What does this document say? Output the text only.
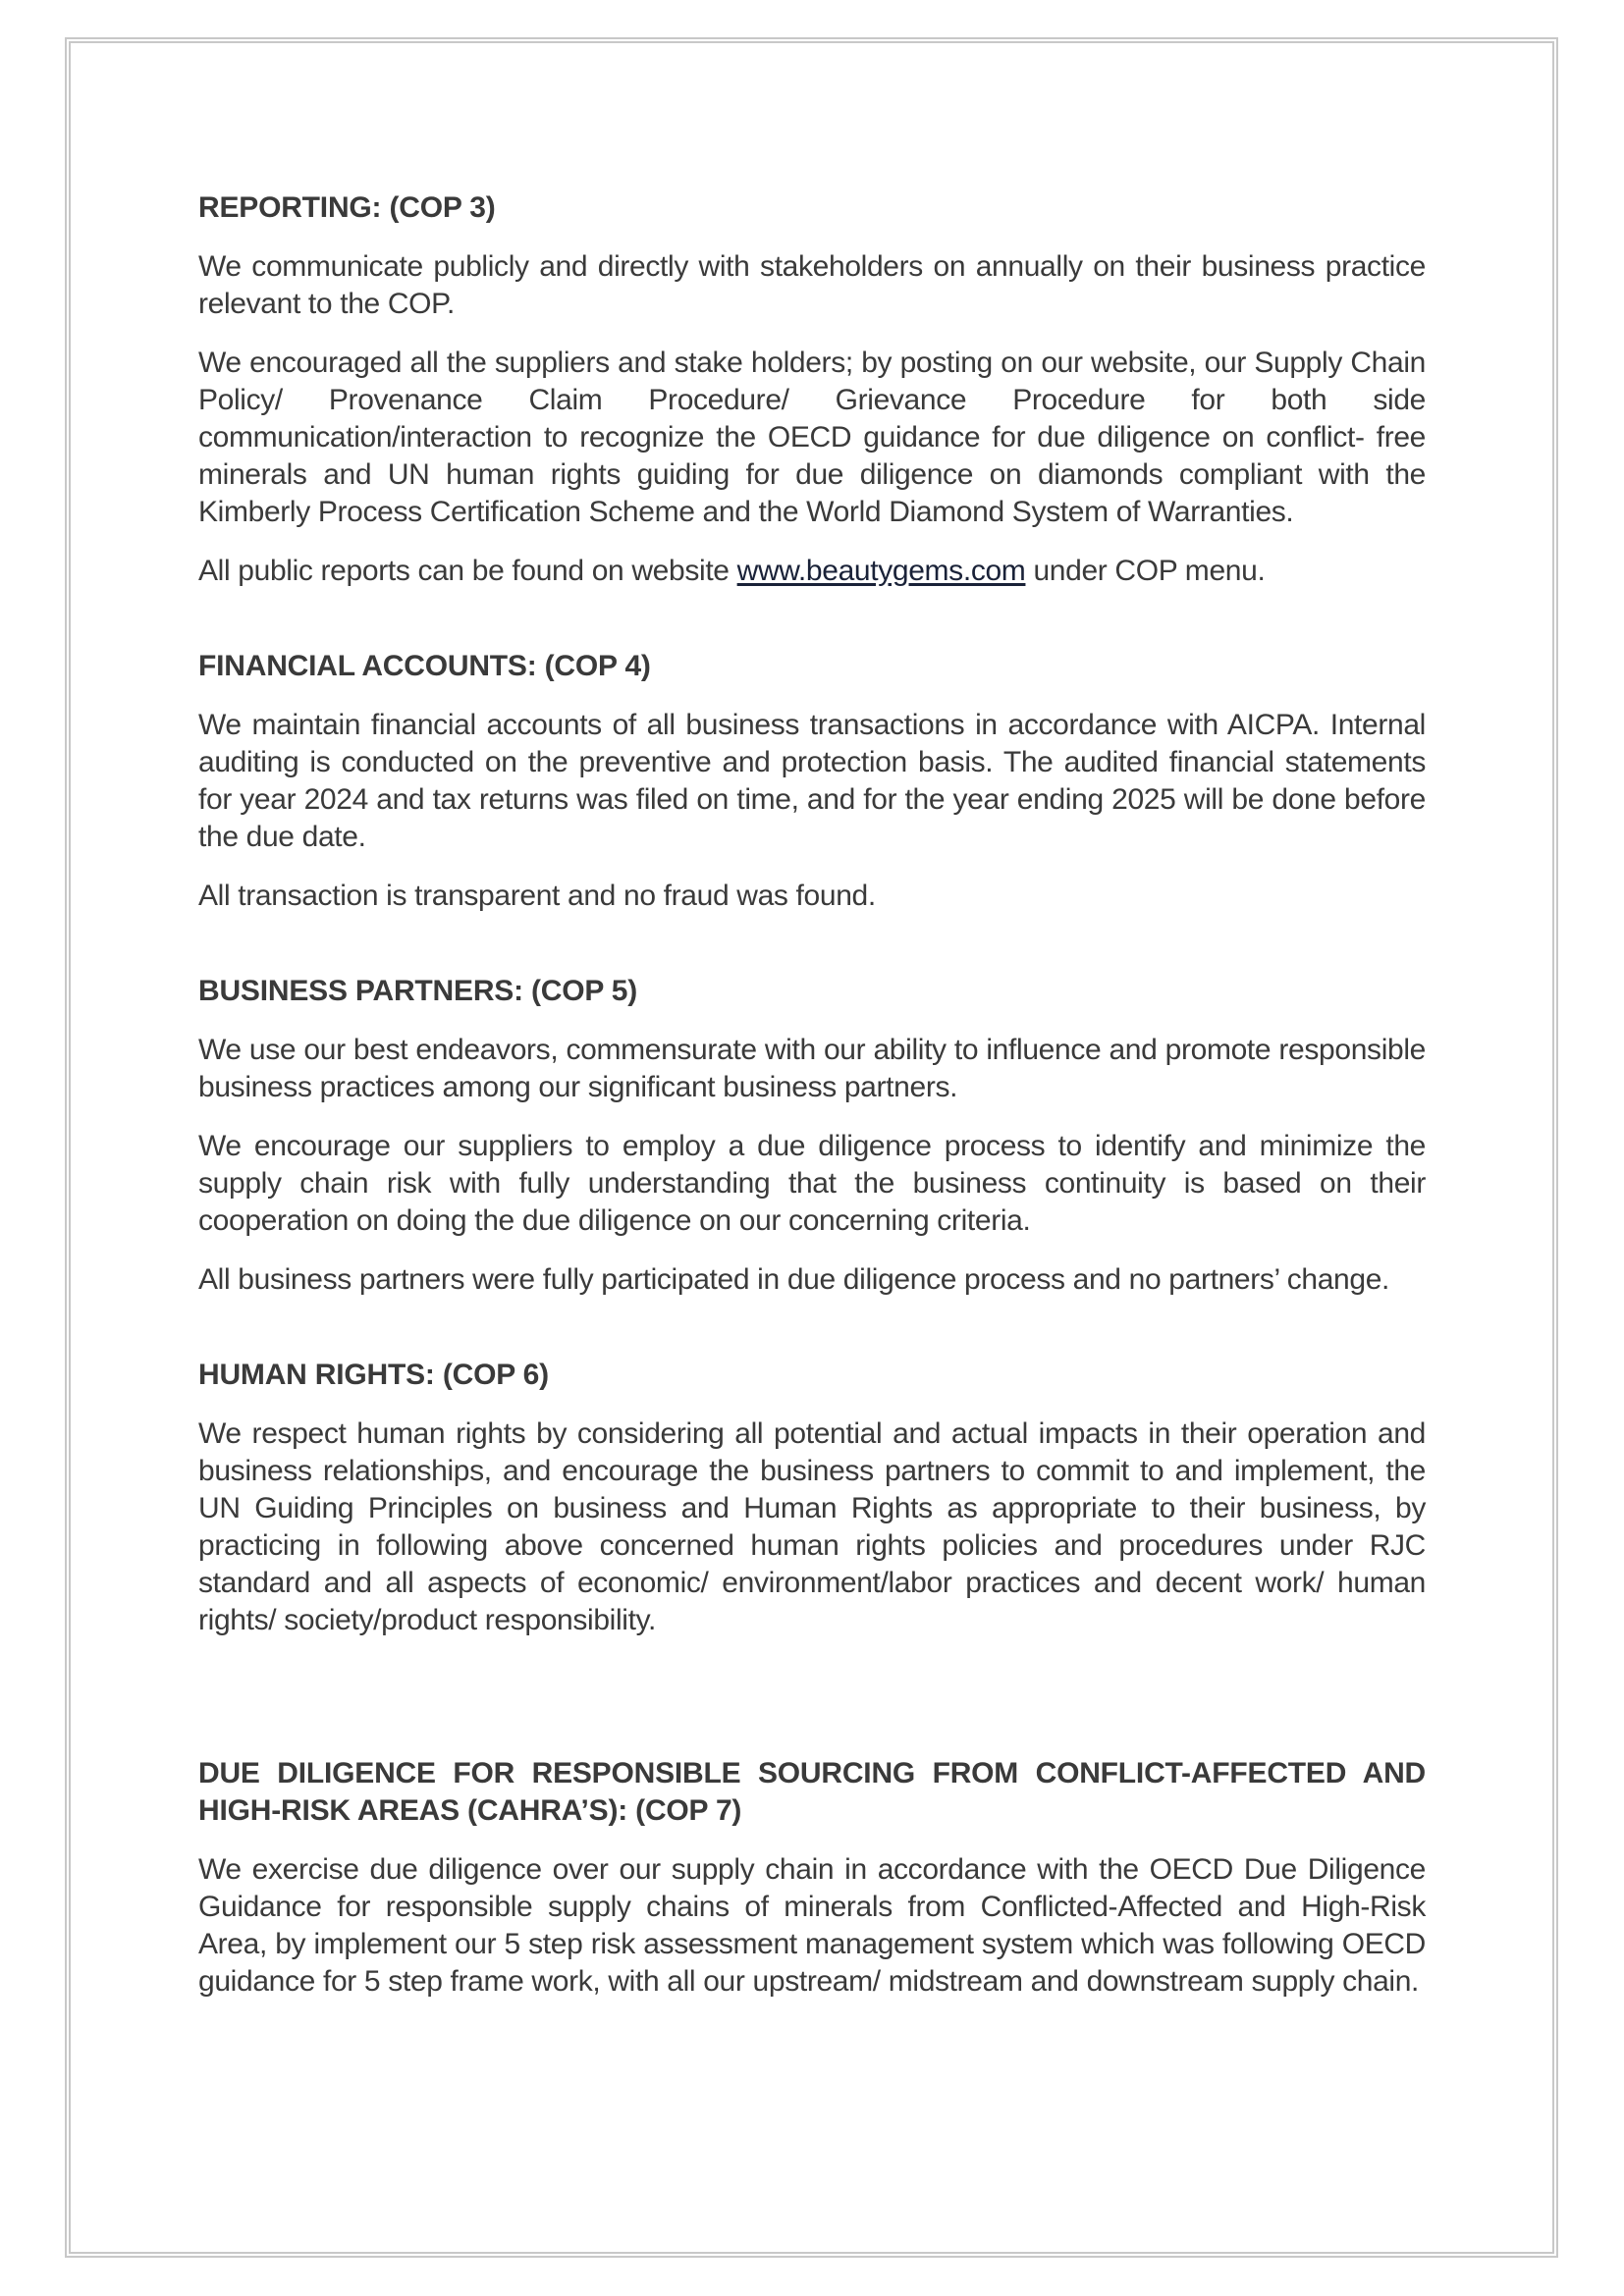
REPORTING: (COP 3)

We communicate publicly and directly with stakeholders on annually on their business practice relevant to the COP.

We encouraged all the suppliers and stake holders; by posting on our website, our Supply Chain Policy/ Provenance Claim Procedure/ Grievance Procedure for both side communication/interaction to recognize the OECD guidance for due diligence on conflict- free minerals and UN human rights guiding for due diligence on diamonds compliant with the Kimberly Process Certification Scheme and the World Diamond System of Warranties.

All public reports can be found on website www.beautygems.com under COP menu.

FINANCIAL ACCOUNTS: (COP 4)

We maintain financial accounts of all business transactions in accordance with AICPA. Internal auditing is conducted on the preventive and protection basis. The audited financial statements for year 2024 and tax returns was filed on time, and for the year ending 2025 will be done before the due date.

All transaction is transparent and no fraud was found.

BUSINESS PARTNERS: (COP 5)

We use our best endeavors, commensurate with our ability to influence and promote responsible business practices among our significant business partners.

We encourage our suppliers to employ a due diligence process to identify and minimize the supply chain risk with fully understanding that the business continuity is based on their cooperation on doing the due diligence on our concerning criteria.

All business partners were fully participated in due diligence process and no partners’ change.

HUMAN RIGHTS: (COP 6)

We respect human rights by considering all potential and actual impacts in their operation and business relationships, and encourage the business partners to commit to and implement, the UN Guiding Principles on business and Human Rights as appropriate to their business, by practicing in following above concerned human rights policies and procedures under RJC standard and all aspects of economic/ environment/labor practices and decent work/ human rights/ society/product responsibility.

DUE DILIGENCE FOR RESPONSIBLE SOURCING FROM CONFLICT-AFFECTED AND HIGH-RISK AREAS (CAHRA’S): (COP 7)

We exercise due diligence over our supply chain in accordance with the OECD Due Diligence Guidance for responsible supply chains of minerals from Conflicted-Affected and High-Risk Area, by implement our 5 step risk assessment management system which was following OECD guidance for 5 step frame work, with all our upstream/ midstream and downstream supply chain.
